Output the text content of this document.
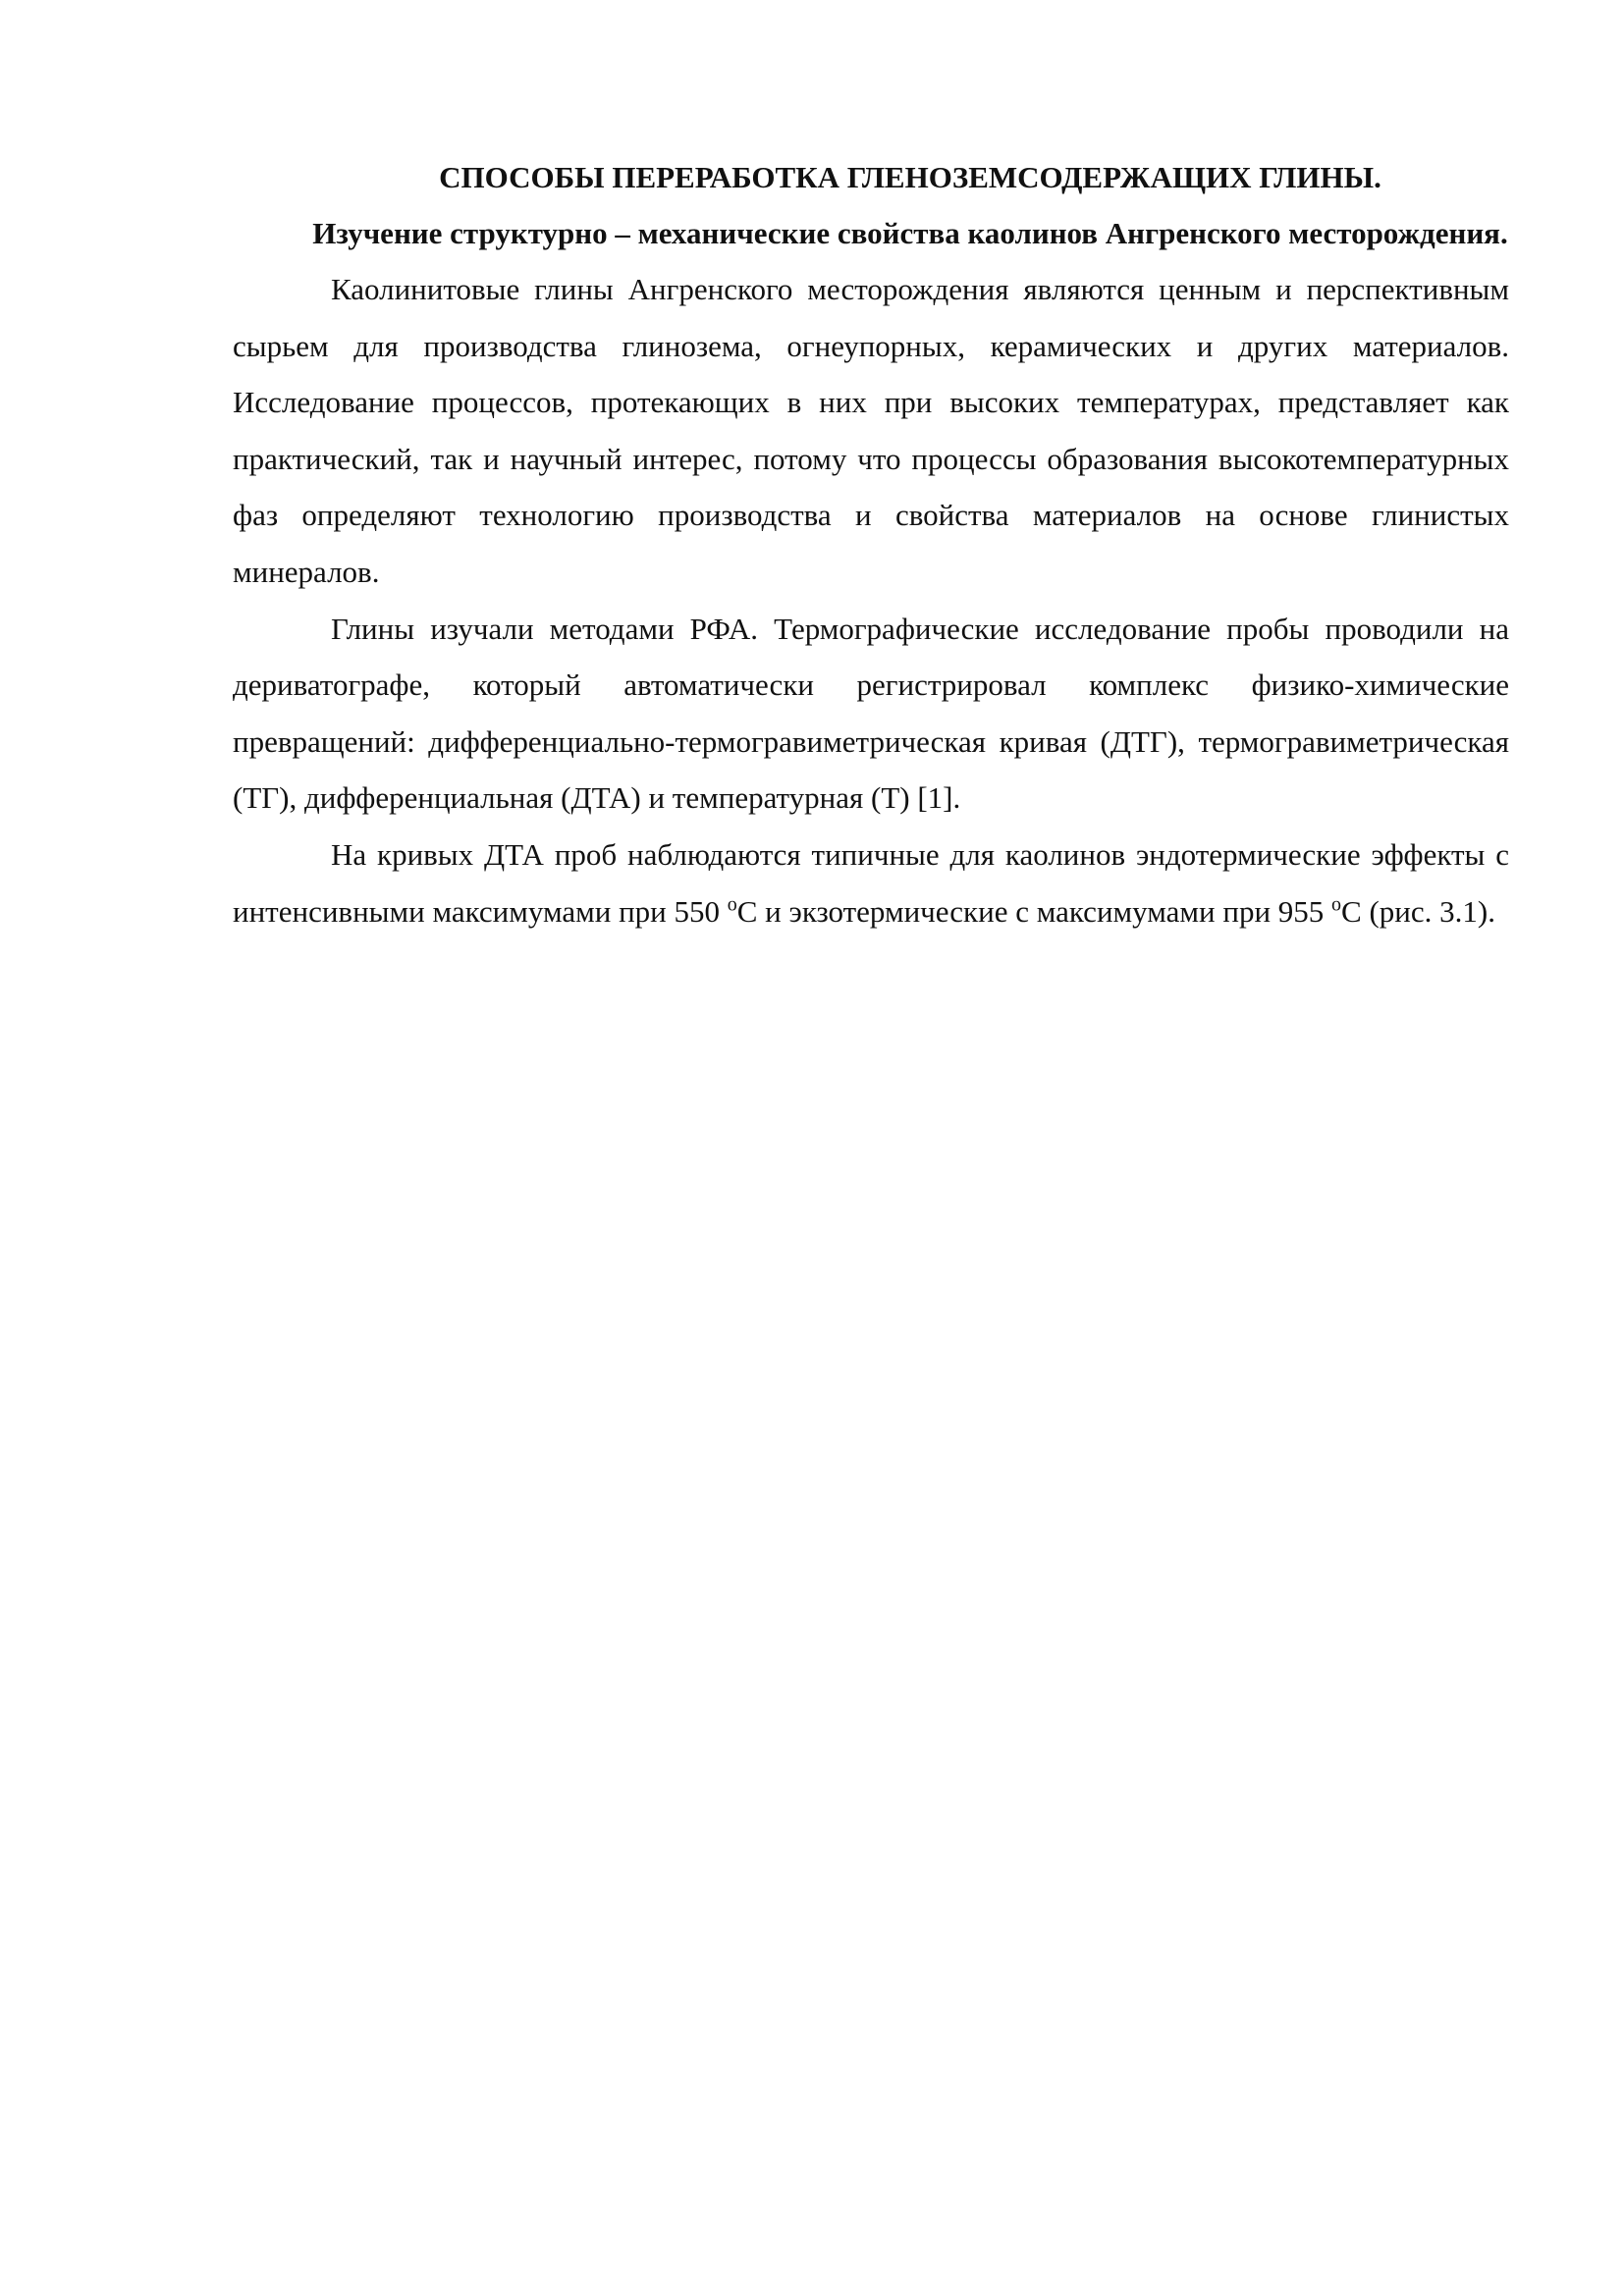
СПОСОБЫ ПЕРЕРАБОТКА ГЛЕНОЗЕМСОДЕРЖАЩИХ ГЛИНЫ.
Изучение структурно – механические свойства каолинов Ангренского месторождения.

Каолинитовые глины Ангренского месторождения являются ценным и перспективным сырьем для производства глинозема, огнеупорных, керамических и других материалов. Исследование процессов, протекающих в них при высоких температурах, представляет как практический, так и научный интерес, потому что процессы образования высокотемпературных фаз определяют технологию производства и свойства материалов на основе глинистых минералов.

Глины изучали методами РФА. Термографические исследование пробы проводили на дериватографе, который автоматически регистрировал комплекс физико-химические превращений: дифференциально-термогравиметрическая кривая (ДТГ), термогравиметрическая (ТГ), дифференциальная (ДТА) и температурная (Т) [1].

На кривых ДТА проб наблюдаются типичные для каолинов эндотермические эффекты с интенсивными максимумами при 550 $^o$С и экзотермические с максимумами при 955 $^o$С (рис. 3.1).
